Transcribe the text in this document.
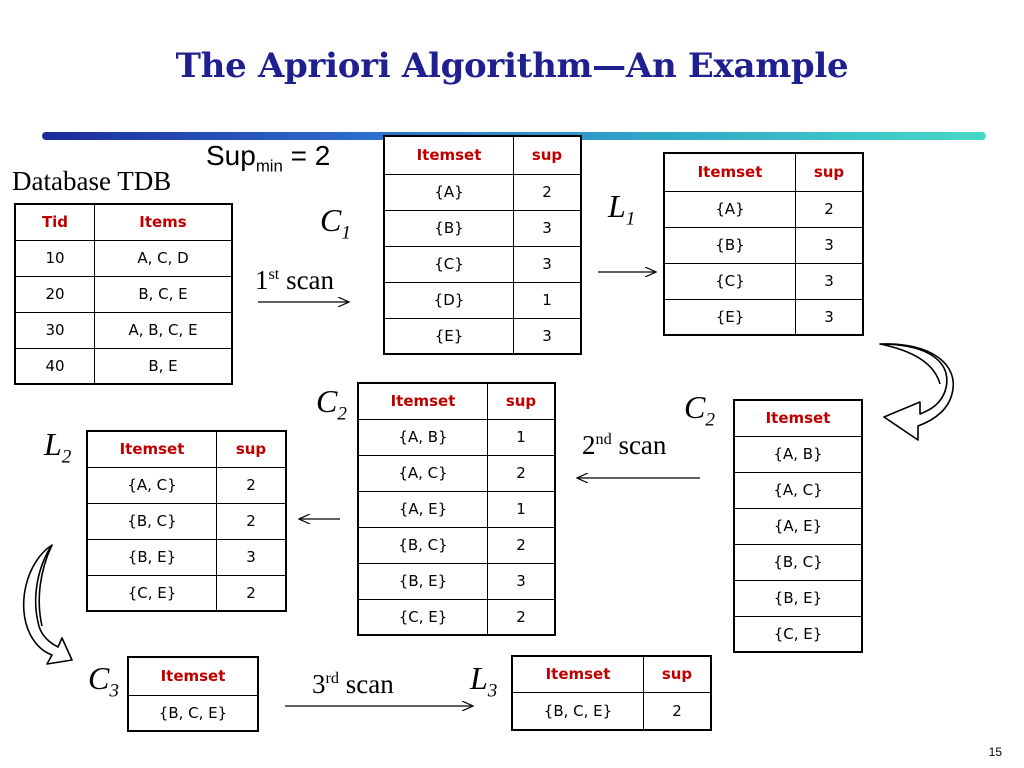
The Apriori Algorithm—An Example
Database TDB
Sup$_{min}$ = 2
$C_1$
$L_1$
$C_2$	$C_2$
$L_2$
$C_3$	$L_3$
1st scan
2nd scan
3rd scan
Tid	Items
10	A, C, D
20	B, C, E
30	A, B, C, E
40	B, E
Itemset	sup
{A}	2
{B}	3
{C}	3
{D}	1
{E}	3
Itemset	sup
{A}	2
{B}	3
{C}	3
{E}	3
Itemset
{A, B}
{A, C}
{A, E}
{B, C}
{B, E}
{C, E}
Itemset	sup
{A, B}	1
{A, C}	2
{A, E}	1
{B, C}	2
{B, E}	3
{C, E}	2
Itemset	sup
{A, C}	2
{B, C}	2
{B, E}	3
{C, E}	2
Itemset
{B, C, E}
Itemset	sup
{B, C, E}	2
15
